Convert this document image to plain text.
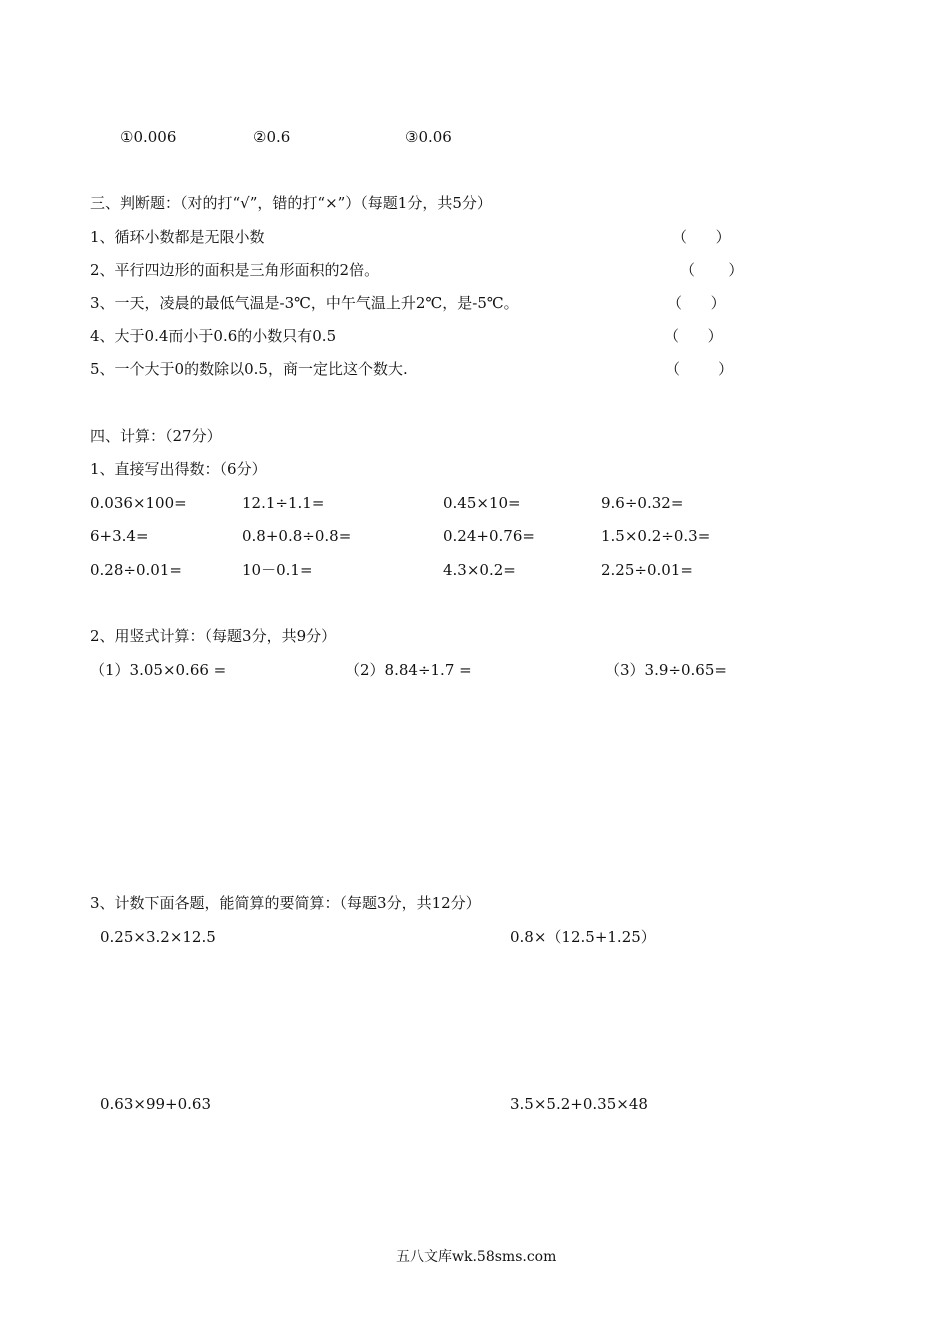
①0.006	②0.6	③0.06
三、判断题：（对的打“√”，错的打“×”）（每题1分，共5分）
1、循环小数都是无限小数	（      ）
2、平行四边形的面积是三角形面积的2倍。	（       ）
3、一天，凌晨的最低气温是-3℃，中午气温上升2℃，是-5℃。	（      ）
4、大于0.4而小于0.6的小数只有0.5	（      ）
5、一个大于0的数除以0.5，商一定比这个数大.	（        ）
四、计算：（27分）
1、直接写出得数：（6分）
0.036×100=	12.1÷1.1=	0.45×10=	9.6÷0.32=
6+3.4=	0.8+0.8÷0.8=	0.24+0.76=	1.5×0.2÷0.3=
0.28÷0.01=	10－0.1=	4.3×0.2=	2.25÷0.01=
2、用竖式计算：（每题3分，共9分）
（1）3.05×0.66 =	（2）8.84÷1.7 =	（3）3.9÷0.65=
3、计数下面各题，能简算的要简算：（每题3分，共12分）
0.25×3.2×12.5	0.8×（12.5+1.25）
0.63×99+0.63	3.5×5.2+0.35×48
五八文库wk.58sms.com
